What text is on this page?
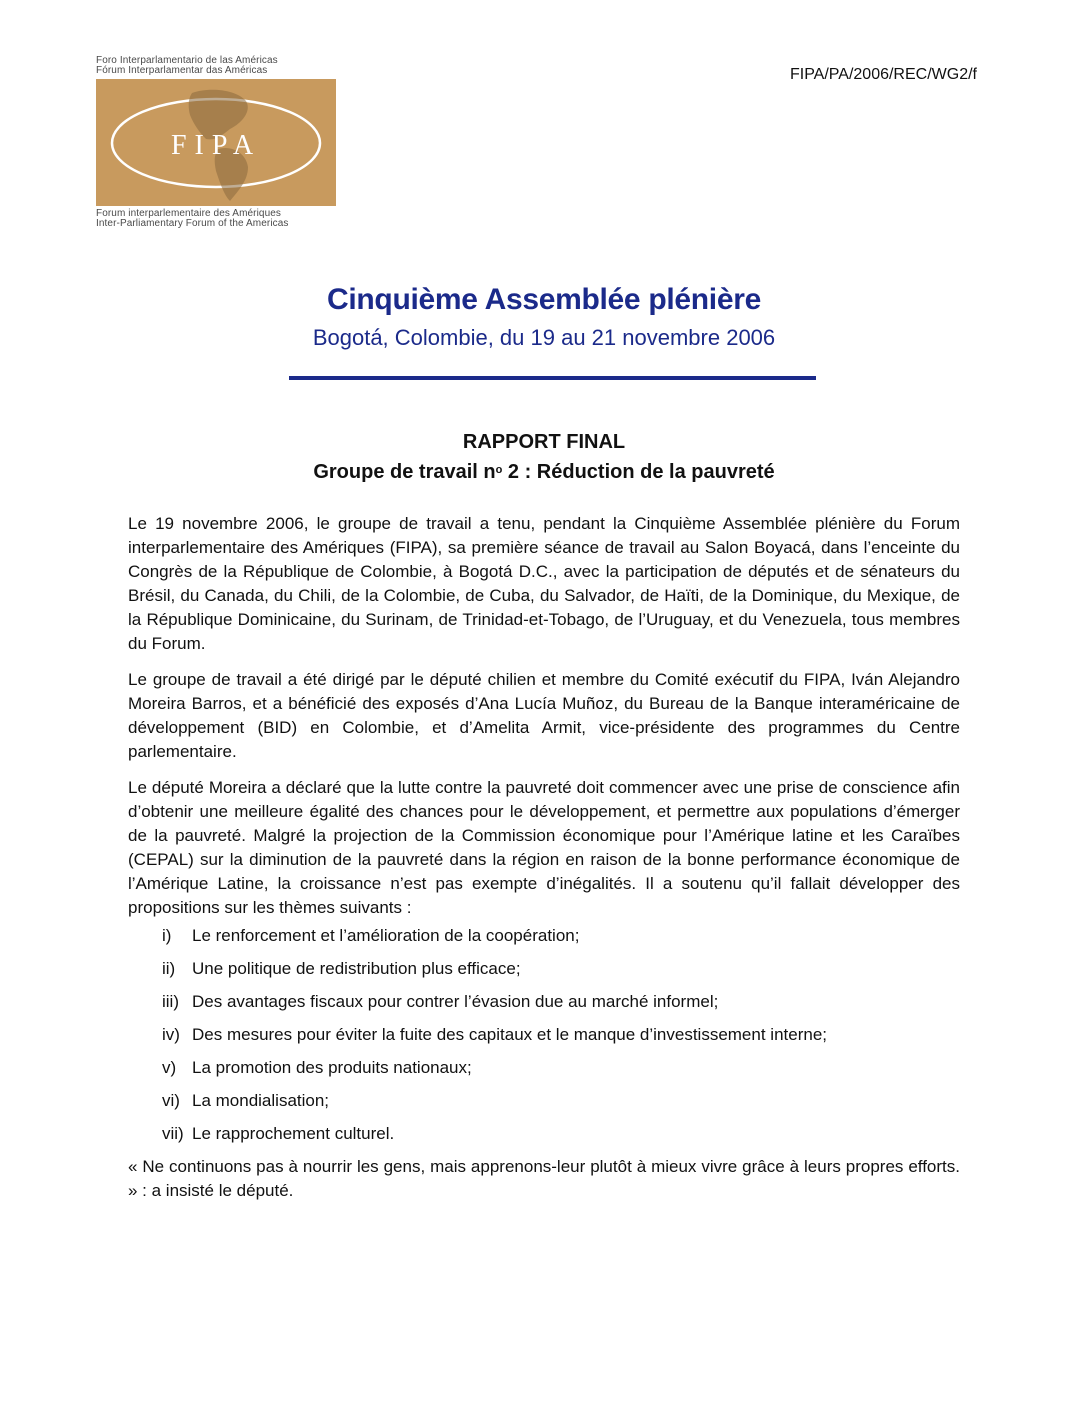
Foro Interparlamentario de las Américas
Fórum Interparlamentar das Américas
FIPA
Forum interparlementaire des Amériques
Inter-Parliamentary Forum of the Americas
FIPA/PA/2006/REC/WG2/f
Cinquième Assemblée plénière
Bogotá, Colombie, du 19 au 21 novembre 2006
RAPPORT FINAL
Groupe de travail $n^o$ 2 : Réduction de la pauvreté

Le 19 novembre 2006, le groupe de travail a tenu, pendant la Cinquième Assemblée plénière du Forum interparlementaire des Amériques (FIPA), sa première séance de travail au Salon Boyacá, dans l’enceinte du Congrès de la République de Colombie, à Bogotá D.C., avec la participation de députés et de sénateurs du Brésil, du Canada, du Chili, de la Colombie, de Cuba, du Salvador, de Haïti, de la Dominique, du Mexique, de la République Dominicaine, du Surinam, de Trinidad-et-Tobago, de l’Uruguay, et du Venezuela, tous membres du Forum.

Le groupe de travail a été dirigé par le député chilien et membre du Comité exécutif du FIPA, Iván Alejandro Moreira Barros, et a bénéficié des exposés d’Ana Lucía Muñoz, du Bureau de la Banque interaméricaine de développement (BID) en Colombie, et d’Amelita Armit, vice-présidente des programmes du Centre parlementaire.

Le député Moreira a déclaré que la lutte contre la pauvreté doit commencer avec une prise de conscience afin d’obtenir une meilleure égalité des chances pour le développement, et permettre aux populations d’émerger de la pauvreté. Malgré la projection de la Commission économique pour l’Amérique latine et les Caraïbes (CEPAL) sur la diminution de la pauvreté dans la région en raison de la bonne performance économique de l’Amérique Latine, la croissance n’est pas exempte d’inégalités. Il a soutenu qu’il fallait développer des propositions sur les thèmes suivants :

i)	Le renforcement et l’amélioration de la coopération;
ii) Une politique de redistribution plus efficace;
iii) Des avantages fiscaux pour contrer l’évasion due au marché informel;
iv) Des mesures pour éviter la fuite des capitaux et le manque d’investissement interne;
v) La promotion des produits nationaux;
vi) La mondialisation;
vii) Le rapprochement culturel.

« Ne continuons pas à nourrir les gens, mais apprenons-leur plutôt à mieux vivre grâce à leurs propres efforts. » : a insisté le député.
